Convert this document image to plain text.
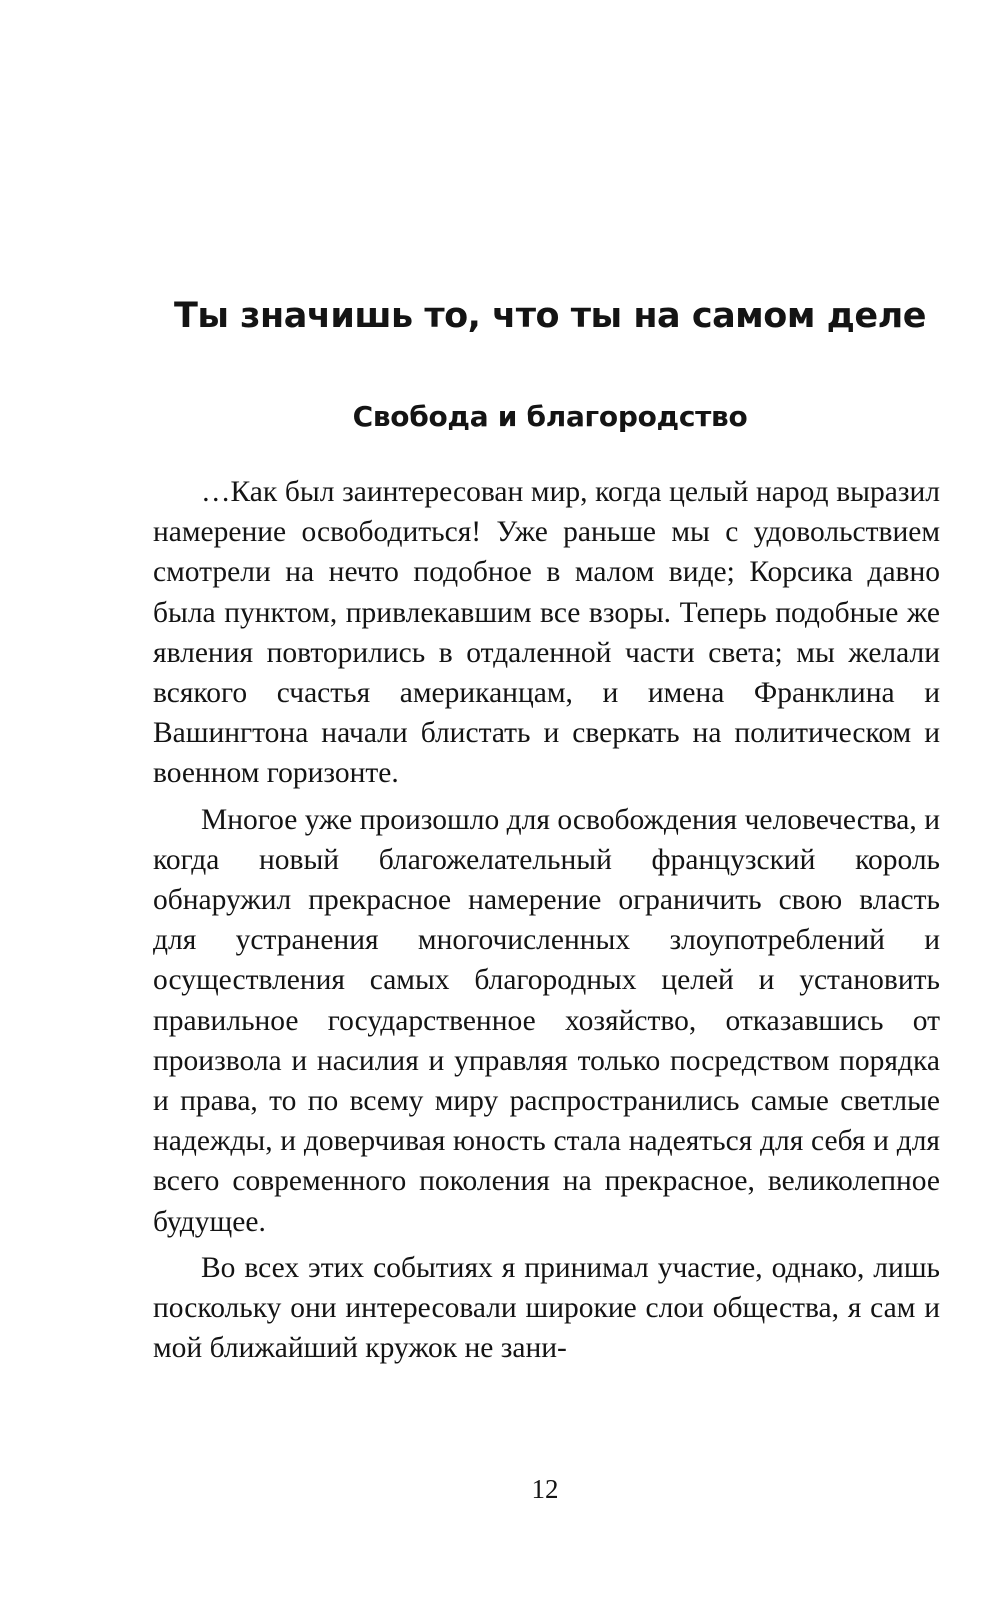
Ты значишь то, что ты на самом деле
Свобода и благородство

…Как был заинтересован мир, когда целый народ выразил намерение освободиться! Уже раньше мы с удовольствием смотрели на нечто подобное в малом виде; Корсика давно была пунктом, привлекавшим все взоры. Теперь подобные же явления повторились в отдаленной части света; мы желали всякого счастья американцам, и имена Франклина и Вашингтона начали блистать и сверкать на политическом и военном горизонте.

Многое уже произошло для освобождения человечества, и когда новый благожелательный французский король обнаружил прекрасное намерение ограничить свою власть для устранения многочисленных злоупотреблений и осуществления самых благородных целей и установить правильное государственное хозяйство, отказавшись от произвола и насилия и управляя только посредством порядка и права, то по всему миру распространились самые светлые надежды, и доверчивая юность стала надеяться для себя и для всего современного поколения на прекрасное, великолепное будущее.

Во всех этих событиях я принимал участие, однако, лишь поскольку они интересовали широкие слои общества, я сам и мой ближайший кружок не зани-

12
